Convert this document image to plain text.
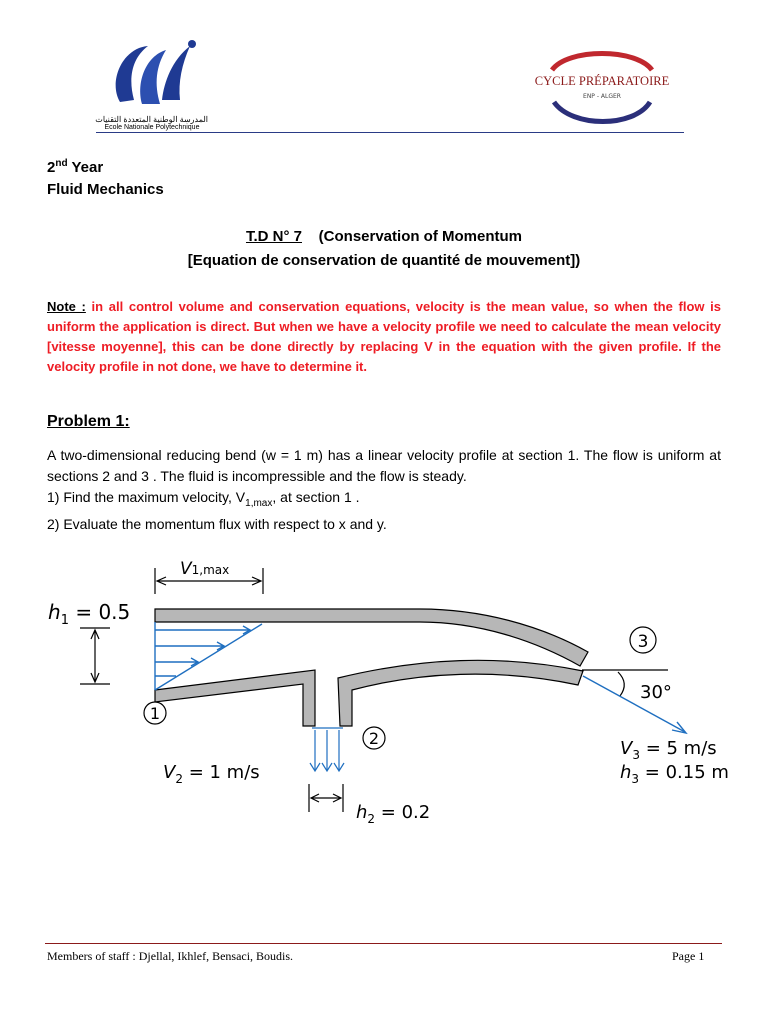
المدرسة الوطنية المتعددة التقنيات
Ecole Nationale Polytechnique
CYCLE PRÉPARATOIRE
ENP - ALGER
2nd Year
Fluid Mechanics
T.D N° 7    (Conservation of Momentum
[Equation de conservation de quantité de mouvement])
Note : in all control volume and conservation equations, velocity is the mean value, so when the flow is uniform the application is direct. But when we have a velocity profile we need to calculate the mean velocity [vitesse moyenne], this can be done directly by replacing V in the equation with the given profile. If the velocity profile in not done, we have to determine it.
Problem 1:

A two-dimensional reducing bend (w = 1 m) has a linear velocity profile at section 1. The flow is uniform at sections 2 and 3 . The fluid is incompressible and the flow is steady.

1) Find the maximum velocity, $V_{1,max}$, at section 1 .

2) Evaluate the momentum flux with respect to x and y.

V1,max
$h_1 = 0.5$
1
2
$V_2 = 1$ m/s
$h_2 = 0.2$
3
30°
$V_3 = 5$ m/s
$h_3 = 0.15$ m
Members of staff : Djellal, Ikhlef, Bensaci, Boudis.	Page 1
